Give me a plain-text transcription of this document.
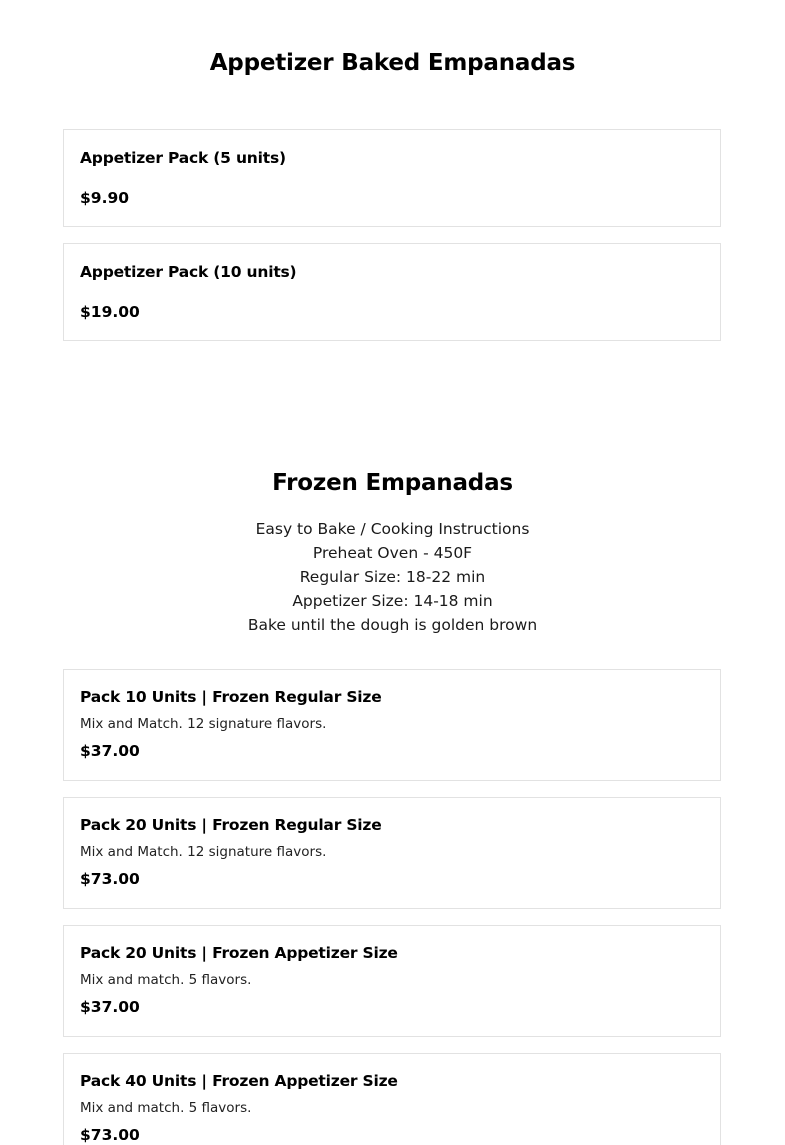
Appetizer Baked Empanadas
Appetizer Pack (5 units)
$9.90
Appetizer Pack (10 units)
$19.00
Frozen Empanadas
Easy to Bake / Cooking Instructions
Preheat Oven - 450F
Regular Size: 18-22 min
Appetizer Size: 14-18 min
Bake until the dough is golden brown
Pack 10 Units | Frozen Regular Size
Mix and Match. 12 signature flavors.
$37.00
Pack 20 Units | Frozen Regular Size
Mix and Match. 12 signature flavors.
$73.00
Pack 20 Units | Frozen Appetizer Size
Mix and match. 5 flavors.
$37.00
Pack 40 Units | Frozen Appetizer Size
Mix and match. 5 flavors.
$73.00
